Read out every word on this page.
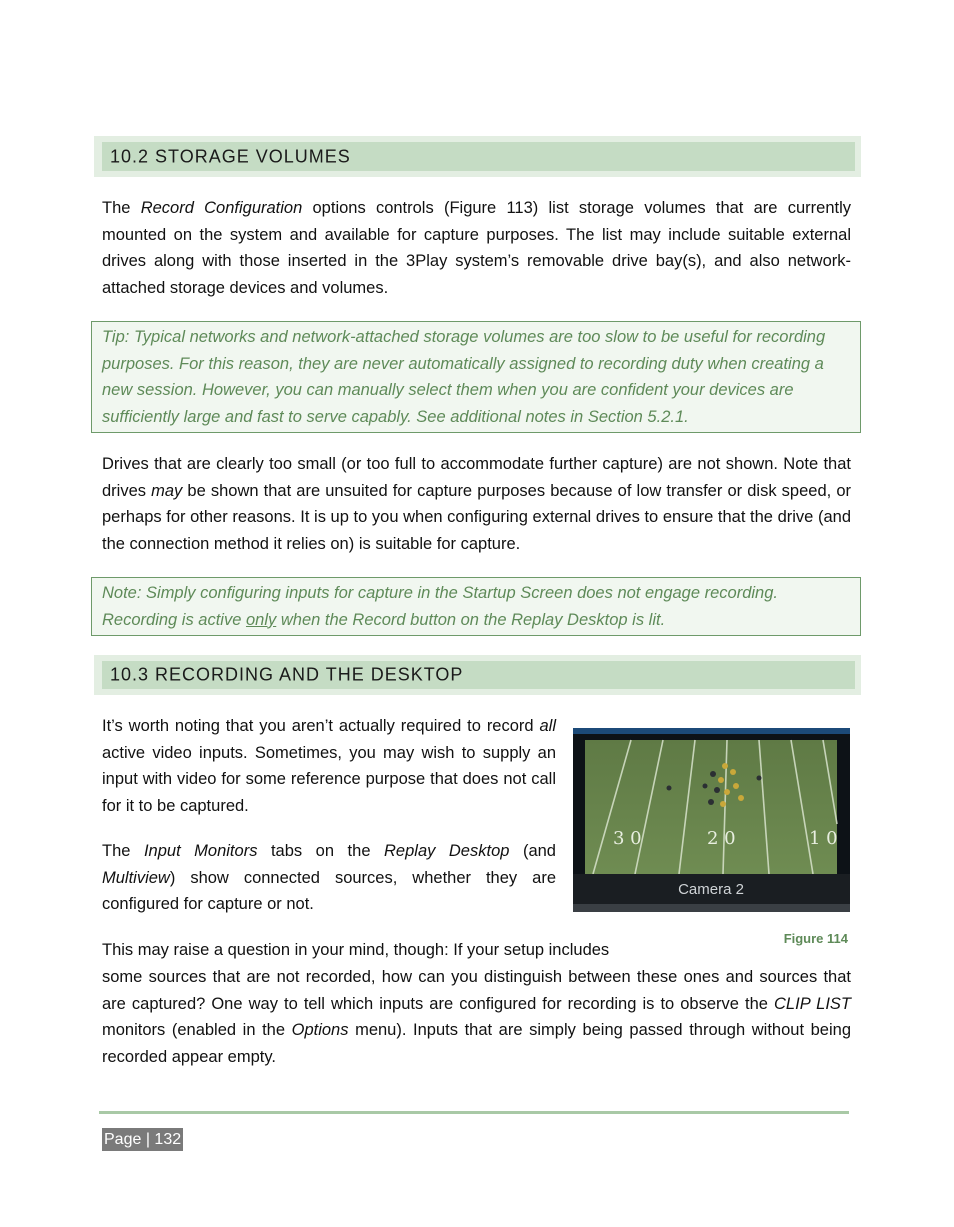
10.2 STORAGE VOLUMES

The Record Configuration options controls (Figure 113) list storage volumes that are currently mounted on the system and available for capture purposes. The list may include suitable external drives along with those inserted in the 3Play system’s removable drive bay(s), and also network-attached storage devices and volumes.

Tip: Typical networks and network-attached storage volumes are too slow to be useful for recording purposes. For this reason, they are never automatically assigned to recording duty when creating a new session. However, you can manually select them when you are confident your devices are sufficiently large and fast to serve capably. See additional notes in Section 5.2.1.

Drives that are clearly too small (or too full to accommodate further capture) are not shown. Note that drives may be shown that are unsuited for capture purposes because of low transfer or disk speed, or perhaps for other reasons. It is up to you when configuring external drives to ensure that the drive (and the connection method it relies on) is suitable for capture.

Note: Simply configuring inputs for capture in the Startup Screen does not engage recording. Recording is active only when the Record button on the Replay Desktop is lit.

10.3 RECORDING AND THE DESKTOP

It’s worth noting that you aren’t actually required to record all active video inputs. Sometimes, you may wish to supply an input with video for some reference purpose that does not call for it to be captured.

The Input Monitors tabs on the Replay Desktop (and Multiview) show connected sources, whether they are configured for capture or not.

3 0	2 0	1 0
Camera 2
Figure 114

This may raise a question in your mind, though: If your setup includes

some sources that are not recorded, how can you distinguish between these ones and sources that are captured? One way to tell which inputs are configured for recording is to observe the CLIP LIST monitors (enabled in the Options menu). Inputs that are simply being passed through without being recorded appear empty.

Page | 132
